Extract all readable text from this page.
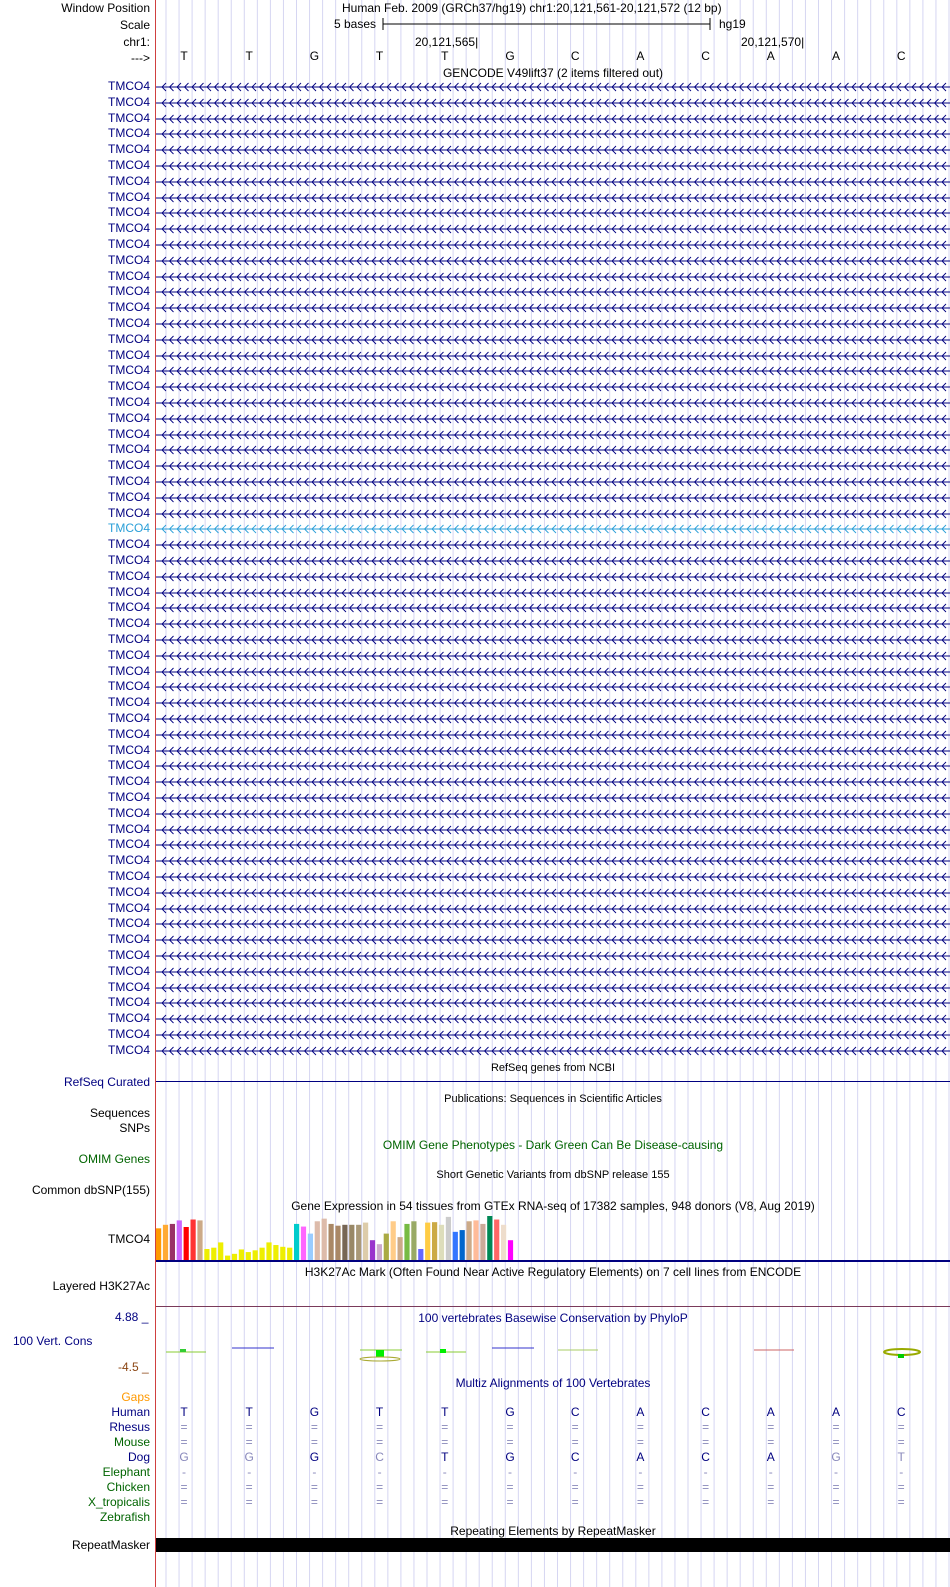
Window Position
Scale
chr1:
--->
Human Feb. 2009 (GRCh37/hg19) chr1:20,121,561-20,121,572 (12 bp)
5 bases	hg19
20,121,565|	20,121,570|
T	T	G	T	T	G	C	A	C	A	A	C
GENCODE V49lift37 (2 items filtered out)
TMCO4
TMCO4
TMCO4
TMCO4
TMCO4
TMCO4
TMCO4
TMCO4
TMCO4
TMCO4
TMCO4
TMCO4
TMCO4
TMCO4
TMCO4
TMCO4
TMCO4
TMCO4
TMCO4
TMCO4
TMCO4
TMCO4
TMCO4
TMCO4
TMCO4
TMCO4
TMCO4
TMCO4
TMCO4
TMCO4
TMCO4
TMCO4
TMCO4
TMCO4
TMCO4
TMCO4
TMCO4
TMCO4
TMCO4
TMCO4
TMCO4
TMCO4
TMCO4
TMCO4
TMCO4
TMCO4
TMCO4
TMCO4
TMCO4
TMCO4
TMCO4
TMCO4
TMCO4
TMCO4
TMCO4
TMCO4
TMCO4
TMCO4
TMCO4
TMCO4
TMCO4
TMCO4
RefSeq genes from NCBI
RefSeq Curated
Publications: Sequences in Scientific Articles
Sequences
SNPs
OMIM Gene Phenotypes - Dark Green Can Be Disease-causing
OMIM Genes
Short Genetic Variants from dbSNP release 155
Common dbSNP(155)
Gene Expression in 54 tissues from GTEx RNA-seq of 17382 samples, 948 donors (V8, Aug 2019)
TMCO4
H3K27Ac Mark (Often Found Near Active Regulatory Elements) on 7 cell lines from ENCODE
Layered H3K27Ac
100 vertebrates Basewise Conservation by PhyloP
4.88 _
100 Vert. Cons
-4.5 _
Multiz Alignments of 100 Vertebrates
Gaps
Human	T	T	G	T	T	G	C	A	C	A	A	C
Rhesus	=	=	=	=	=	=	=	=	=	=	=	=
Mouse	=	=	=	=	=	=	=	=	=	=	=	=
Dog	G	G	G	C	T	G	C	A	C	A	G	T
Elephant	-	-	-	-	-	-	-	-	-	-	-	-
Chicken	=	=	=	=	=	=	=	=	=	=	=	=
X_tropicalis	=	=	=	=	=	=	=	=	=	=	=	=
Zebrafish
Repeating Elements by RepeatMasker
RepeatMasker
